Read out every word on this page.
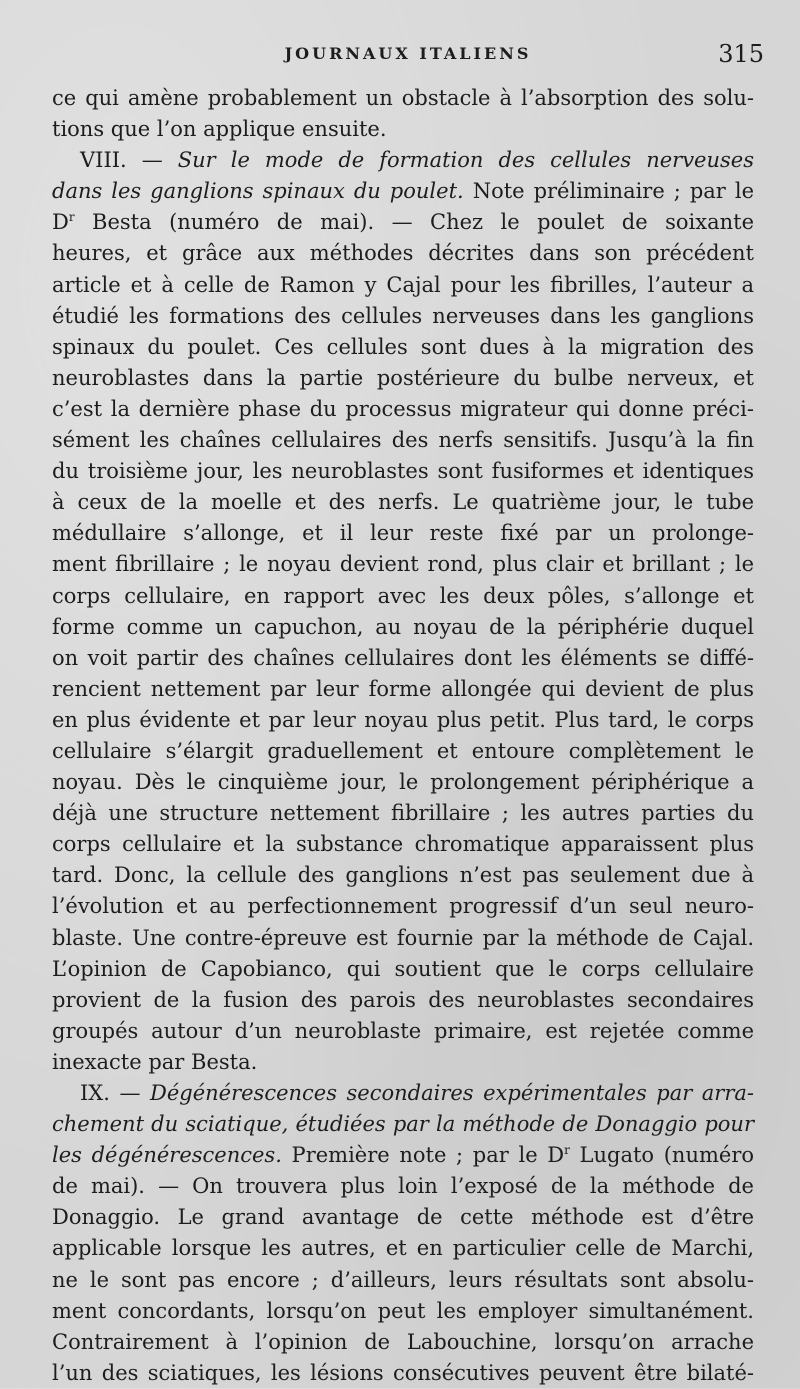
JOURNAUX ITALIENS	315
ce qui amène probablement un obstacle à l’absorption des solu-
tions que l’on applique ensuite.
VIII. — Sur le mode de formation des cellules nerveuses
dans les ganglions spinaux du poulet. Note préliminaire ; par le
$D^r$ Besta (numéro de mai). — Chez le poulet de soixante
heures, et grâce aux méthodes décrites dans son précédent
article et à celle de Ramon y Cajal pour les fibrilles, l’auteur a
étudié les formations des cellules nerveuses dans les ganglions
spinaux du poulet. Ces cellules sont dues à la migration des
neuroblastes dans la partie postérieure du bulbe nerveux, et
c’est la dernière phase du processus migrateur qui donne préci-
sément les chaînes cellulaires des nerfs sensitifs. Jusqu’à la fin
du troisième jour, les neuroblastes sont fusiformes et identiques
à ceux de la moelle et des nerfs. Le quatrième jour, le tube
médullaire s’allonge, et il leur reste fixé par un prolonge-
ment fibrillaire ; le noyau devient rond, plus clair et brillant ; le
corps cellulaire, en rapport avec les deux pôles, s’allonge et
forme comme un capuchon, au noyau de la périphérie duquel
on voit partir des chaînes cellulaires dont les éléments se diffé-
rencient nettement par leur forme allongée qui devient de plus
en plus évidente et par leur noyau plus petit. Plus tard, le corps
cellulaire s’élargit graduellement et entoure complètement le
noyau. Dès le cinquième jour, le prolongement périphérique a
déjà une structure nettement fibrillaire ; les autres parties du
corps cellulaire et la substance chromatique apparaissent plus
tard. Donc, la cellule des ganglions n’est pas seulement due à
l’évolution et au perfectionnement progressif d’un seul neuro-
blaste. Une contre-épreuve est fournie par la méthode de Cajal.
L’opinion de Capobianco, qui soutient que le corps cellulaire
provient de la fusion des parois des neuroblastes secondaires
groupés autour d’un neuroblaste primaire, est rejetée comme
inexacte par Besta.
IX. — Dégénérescences secondaires expérimentales par arra-
chement du sciatique, étudiées par la méthode de Donaggio pour
les dégénérescences. Première note ; par le $D^r$ Lugato (numéro
de mai). — On trouvera plus loin l’exposé de la méthode de
Donaggio. Le grand avantage de cette méthode est d’être
applicable lorsque les autres, et en particulier celle de Marchi,
ne le sont pas encore ; d’ailleurs, leurs résultats sont absolu-
ment concordants, lorsqu’on peut les employer simultanément.
Contrairement à l’opinion de Labouchine, lorsqu’on arrache
l’un des sciatiques, les lésions consécutives peuvent être bilaté-
